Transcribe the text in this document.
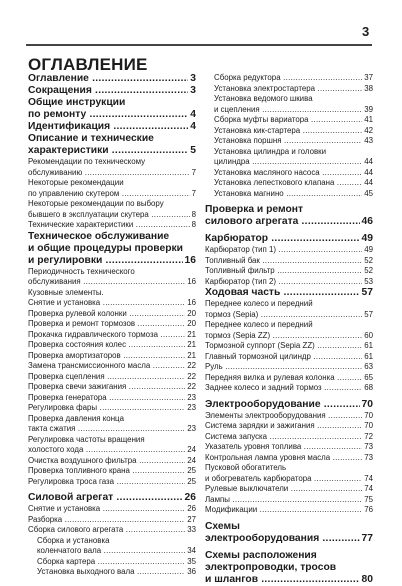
3
ОГЛАВЛЕНИЕ
Оглавление	3
.....
Сокращения	3
.....
Общие инструкции
по ремонту	4
.....
Идентификация	4
.....
Описание и технические
характеристики	5
.....
Рекомендации по техническому
обслуживанию	7
.....
Некоторые рекомендации
по управлению скутером	7
.....
Некоторые рекомендации по выбору
бывшего в эксплуатации скутера	8
.....
Технические характеристики	8
.....
Техническое обслуживание
и общие процедуры проверки
и регулировки	16
.....
Периодичность технического
обслуживания	16
.....
Кузовные элементы.
Снятие и установка	16
.....
Проверка рулевой колонки	20
.....
Проверка и ремонт тормозов	20
.....
Прокачка гидравлического тормоза	21
.....
Проверка состояния колес	21
.....
Проверка амортизаторов	21
.....
Замена трансмиссионного масла	22
.....
Проверка сцепления	22
.....
Проверка свечи зажигания	22
.....
Проверка генератора	23
.....
Регулировка фары	23
.....
Проверка давления конца
такта сжатия	23
.....
Регулировка частоты вращения
холостого хода	24
.....
Очистка воздушного фильтра	24
.....
Проверка топливного крана	25
.....
Регулировка троса газа	25
.....
Силовой агрегат	26
.....
Снятие и установка	26
.....
Разборка	27
.....
Сборка силового агрегата	33
.....
Сборка и установка
коленчатого вала	34
.....
Сборка картера	35
.....
Установка выходного вала	36
.....
Сборка редуктора	37
.....
Установка электростартера	38
.....
Установка ведомого шкива
и сцепления	39
.....
Сборка муфты вариатора	41
.....
Установка кик-стартера	42
.....
Установка поршня	43
.....
Установка цилиндра и головки
цилиндра	44
.....
Установка масляного насоса	44
.....
Установка лепесткового клапана	44
.....
Установка магнино	45
.....
Проверка и ремонт
силового агрегата	46
.....
Карбюратор	49
.....
Карбюратор (тип 1)	49
.....
Топливный бак	52
.....
Топливный фильтр	52
.....
Карбюратор (тип 2)	53
.....
Ходовая часть	57
.....
Переднее колесо и передний
тормоз (Sepia)	57
.....
Переднее колесо и передний
тормоз (Sepia ZZ)	60
.....
Тормозной суппорт (Sepia ZZ)	61
.....
Главный тормозной цилиндр	61
.....
Руль	63
.....
Передняя вилка и рулевая колонка	65
.....
Заднее колесо и задний тормоз	68
.....
Электрооборудование	70
.....
Элементы электрооборудования	70
.....
Система зарядки и зажигания	70
.....
Система запуска	72
.....
Указатель уровня топлива	73
.....
Контрольная лампа уровня масла	73
.....
Пусковой обогатитель
и обогреватель карбюратора	74
.....
Рулевые выключатели	74
.....
Лампы	75
.....
Модификации	76
.....
Схемы
электрооборудования	77
.....
Схемы расположения
электропроводки, тросов
и шлангов	80
.....
